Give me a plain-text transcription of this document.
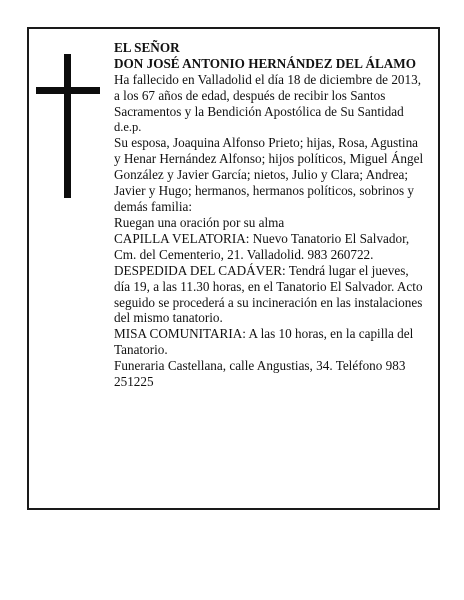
EL SEÑOR

DON JOSÉ ANTONIO HERNÁNDEZ DEL ÁLAMO

Ha fallecido en Valladolid el día 18 de diciembre de 2013, a los 67 años de edad, después de recibir los Santos Sacramentos y la Bendición Apostólica de Su Santidad

d.e.p.

Su esposa, Joaquina Alfonso Prieto; hijas, Rosa, Agustina y Henar Hernández Alfonso; hijos políticos, Miguel Ángel González y Javier García; nietos, Julio y Clara; Andrea; Javier y Hugo; hermanos, hermanos políticos, sobrinos y demás familia:

Ruegan una oración por su alma

CAPILLA VELATORIA: Nuevo Tanatorio El Salvador, Cm. del Cementerio, 21. Valladolid. 983 260722.

DESPEDIDA DEL CADÁVER: Tendrá lugar el jueves, día 19, a las 11.30 horas, en el Tanatorio El Salvador. Acto seguido se procederá a su incineración en las instalaciones del mismo tanatorio.

MISA COMUNITARIA: A las 10 horas, en la capilla del Tanatorio.

Funeraria Castellana, calle Angustias, 34. Teléfono 983 251225
